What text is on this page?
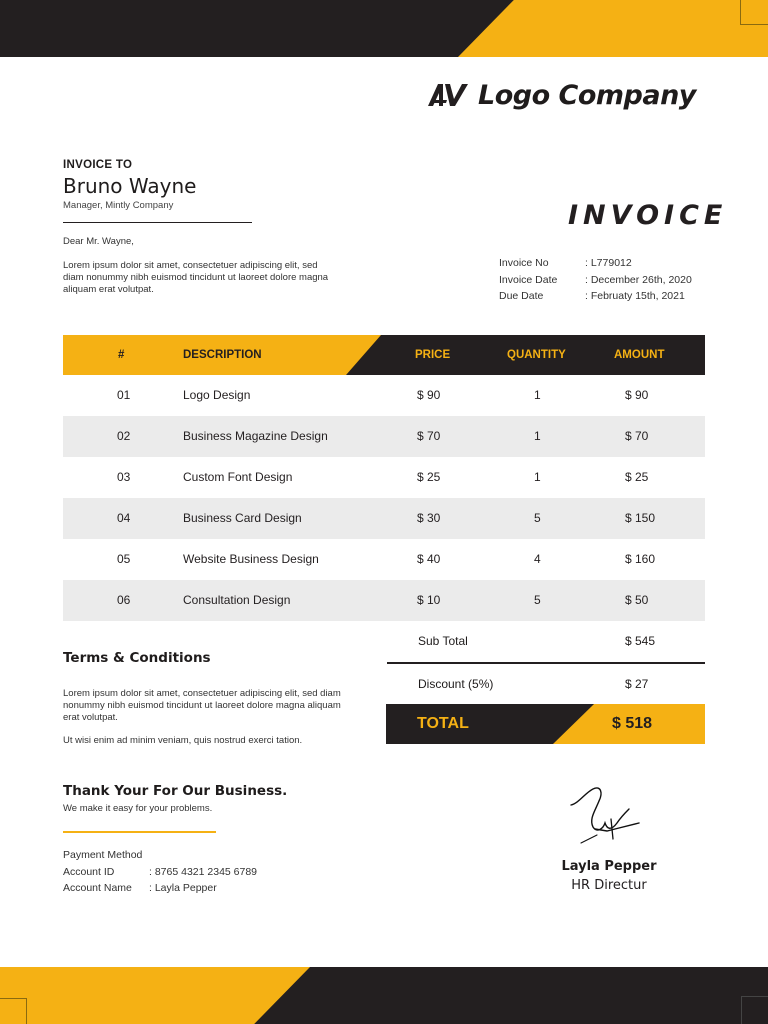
Logo Company
INVOICE TO
Bruno Wayne
Manager, Mintly Company
Dear Mr. Wayne,
Lorem ipsum dolor sit amet, consectetuer adipiscing elit, sed diam nonummy nibh euismod tincidunt ut laoreet dolore magna aliquam erat volutpat.
INVOICE
Invoice No	: L779012
Invoice Date	: December 26th, 2020
Due Date	: Februaty 15th, 2021
#	DESCRIPTION	PRICE	QUANTITY	AMOUNT
01	Logo Design	$ 90	1	$ 90
02	Business Magazine Design	$ 70	1	$ 70
03	Custom Font Design	$ 25	1	$ 25
04	Business Card Design	$ 30	5	$ 150
05	Website Business Design	$ 40	4	$ 160
06	Consultation Design	$ 10	5	$ 50
Sub Total	$ 545
Discount (5%)	$ 27
TOTAL	$ 518
Terms & Conditions
Lorem ipsum dolor sit amet, consectetuer adipiscing elit, sed diam nonummy nibh euismod tincidunt ut laoreet dolore magna aliquam erat volutpat.
Ut wisi enim ad minim veniam, quis nostrud exerci tation.
Thank Your For Our Business.
We make it easy for your problems.
Payment Method
Account ID	: 8765 4321 2345 6789
Account Name	: Layla Pepper
Layla Pepper
HR Directur
